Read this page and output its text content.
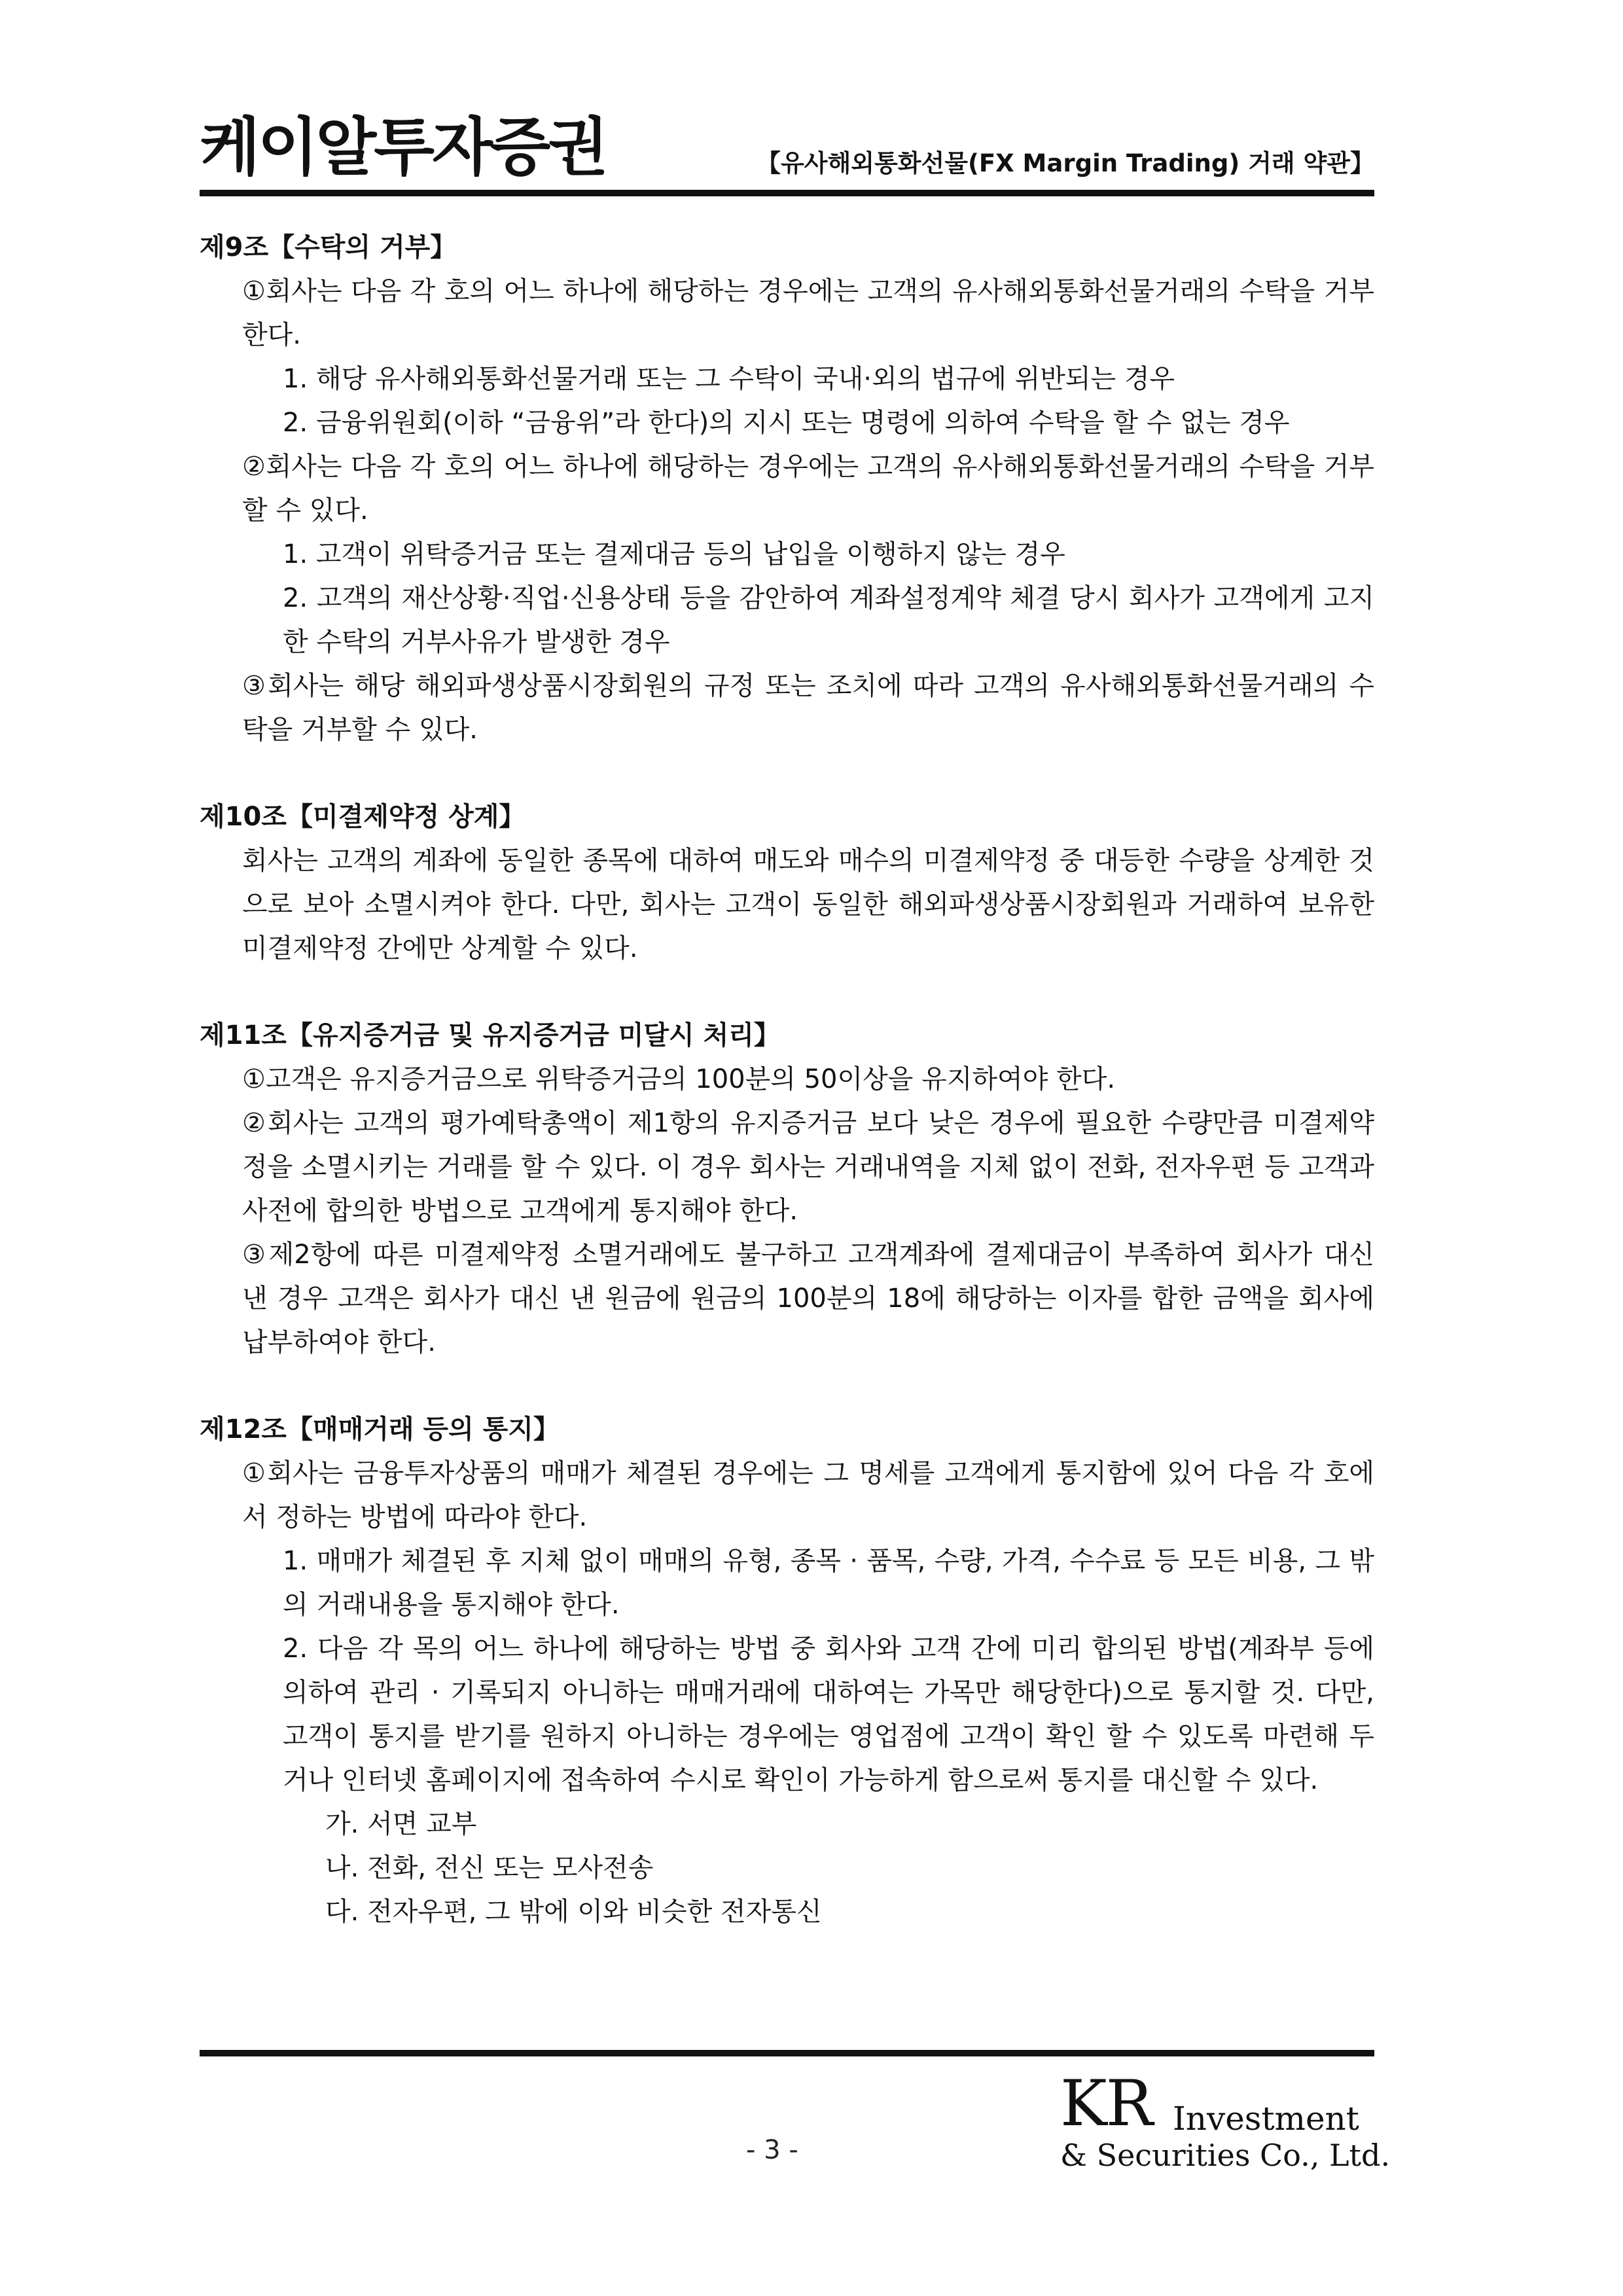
케이알투자증권	【유사해외통화선물(FX Margin Trading) 거래 약관】
제9조【수탁의 거부】

①회사는 다음 각 호의 어느 하나에 해당하는 경우에는 고객의 유사해외통화선물거래의 수탁을 거부한다.

1. 해당 유사해외통화선물거래 또는 그 수탁이 국내·외의 법규에 위반되는 경우

2. 금융위원회(이하 “금융위”라 한다)의 지시 또는 명령에 의하여 수탁을 할 수 없는 경우

②회사는 다음 각 호의 어느 하나에 해당하는 경우에는 고객의 유사해외통화선물거래의 수탁을 거부할 수 있다.

1. 고객이 위탁증거금 또는 결제대금 등의 납입을 이행하지 않는 경우

2. 고객의 재산상황·직업·신용상태 등을 감안하여 계좌설정계약 체결 당시 회사가 고객에게 고지한 수탁의 거부사유가 발생한 경우

③회사는 해당 해외파생상품시장회원의 규정 또는 조치에 따라 고객의 유사해외통화선물거래의 수탁을 거부할 수 있다.

제10조【미결제약정 상계】

회사는 고객의 계좌에 동일한 종목에 대하여 매도와 매수의 미결제약정 중 대등한 수량을 상계한 것으로 보아 소멸시켜야 한다. 다만, 회사는 고객이 동일한 해외파생상품시장회원과 거래하여 보유한 미결제약정 간에만 상계할 수 있다.

제11조【유지증거금 및 유지증거금 미달시 처리】

①고객은 유지증거금으로 위탁증거금의 100분의 50이상을 유지하여야 한다.

②회사는 고객의 평가예탁총액이 제1항의 유지증거금 보다 낮은 경우에 필요한 수량만큼 미결제약정을 소멸시키는 거래를 할 수 있다. 이 경우 회사는 거래내역을 지체 없이 전화, 전자우편 등 고객과 사전에 합의한 방법으로 고객에게 통지해야 한다.

③제2항에 따른 미결제약정 소멸거래에도 불구하고 고객계좌에 결제대금이 부족하여 회사가 대신 낸 경우 고객은 회사가 대신 낸 원금에 원금의 100분의 18에 해당하는 이자를 합한 금액을 회사에 납부하여야 한다.

제12조【매매거래 등의 통지】

①회사는 금융투자상품의 매매가 체결된 경우에는 그 명세를 고객에게 통지함에 있어 다음 각 호에서 정하는 방법에 따라야 한다.

1. 매매가 체결된 후 지체 없이 매매의 유형, 종목 · 품목, 수량, 가격, 수수료 등 모든 비용, 그 밖의 거래내용을 통지해야 한다.

2. 다음 각 목의 어느 하나에 해당하는 방법 중 회사와 고객 간에 미리 합의된 방법(계좌부 등에 의하여 관리 · 기록되지 아니하는 매매거래에 대하여는 가목만 해당한다)으로 통지할 것. 다만, 고객이 통지를 받기를 원하지 아니하는 경우에는 영업점에 고객이 확인 할 수 있도록 마련해 두거나 인터넷 홈페이지에 접속하여 수시로 확인이 가능하게 함으로써 통지를 대신할 수 있다.

가. 서면 교부

나. 전화, 전신 또는 모사전송

다. 전자우편, 그 밖에 이와 비슷한 전자통신

- 3 -
KR Investment
& Securities Co., Ltd.
